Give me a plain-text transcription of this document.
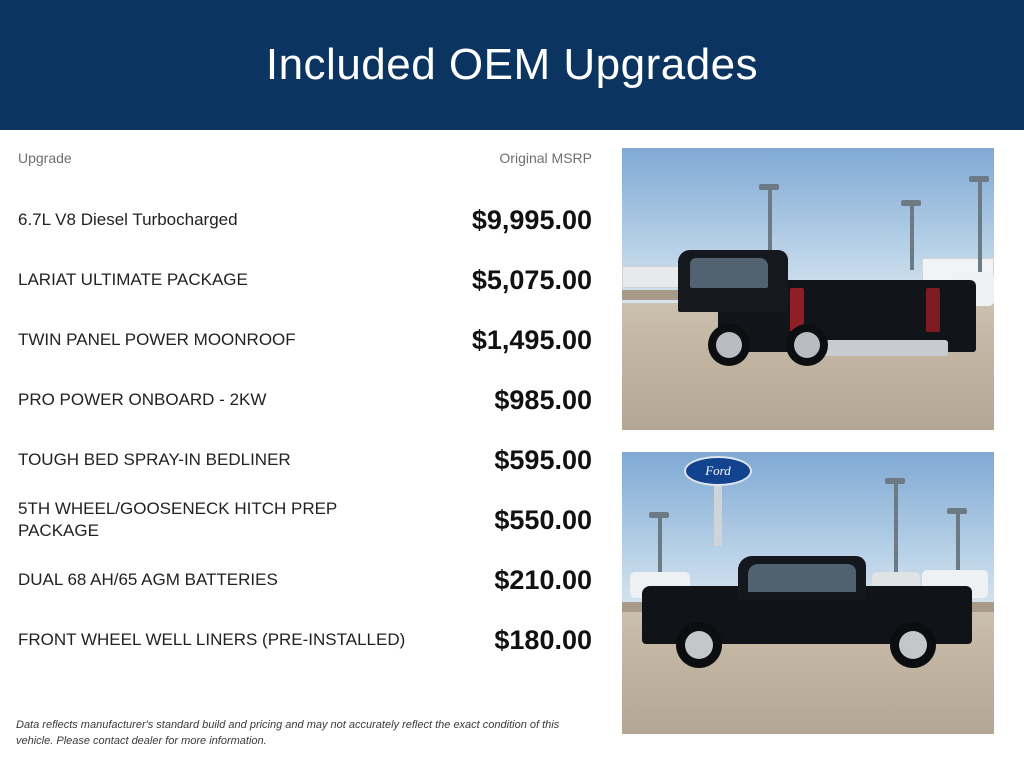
Included OEM Upgrades
Upgrade	Original MSRP
6.7L V8 Diesel Turbocharged	$9,995.00
LARIAT ULTIMATE PACKAGE	$5,075.00
TWIN PANEL POWER MOONROOF	$1,495.00
PRO POWER ONBOARD - 2KW	$985.00
TOUGH BED SPRAY-IN BEDLINER	$595.00
5TH WHEEL/GOOSENECK HITCH PREP PACKAGE	$550.00
DUAL 68 AH/65 AGM BATTERIES	$210.00
FRONT WHEEL WELL LINERS (PRE-INSTALLED)	$180.00
Data reflects manufacturer's standard build and pricing and may not accurately reflect the exact condition of this vehicle. Please contact dealer for more information.
Ford
